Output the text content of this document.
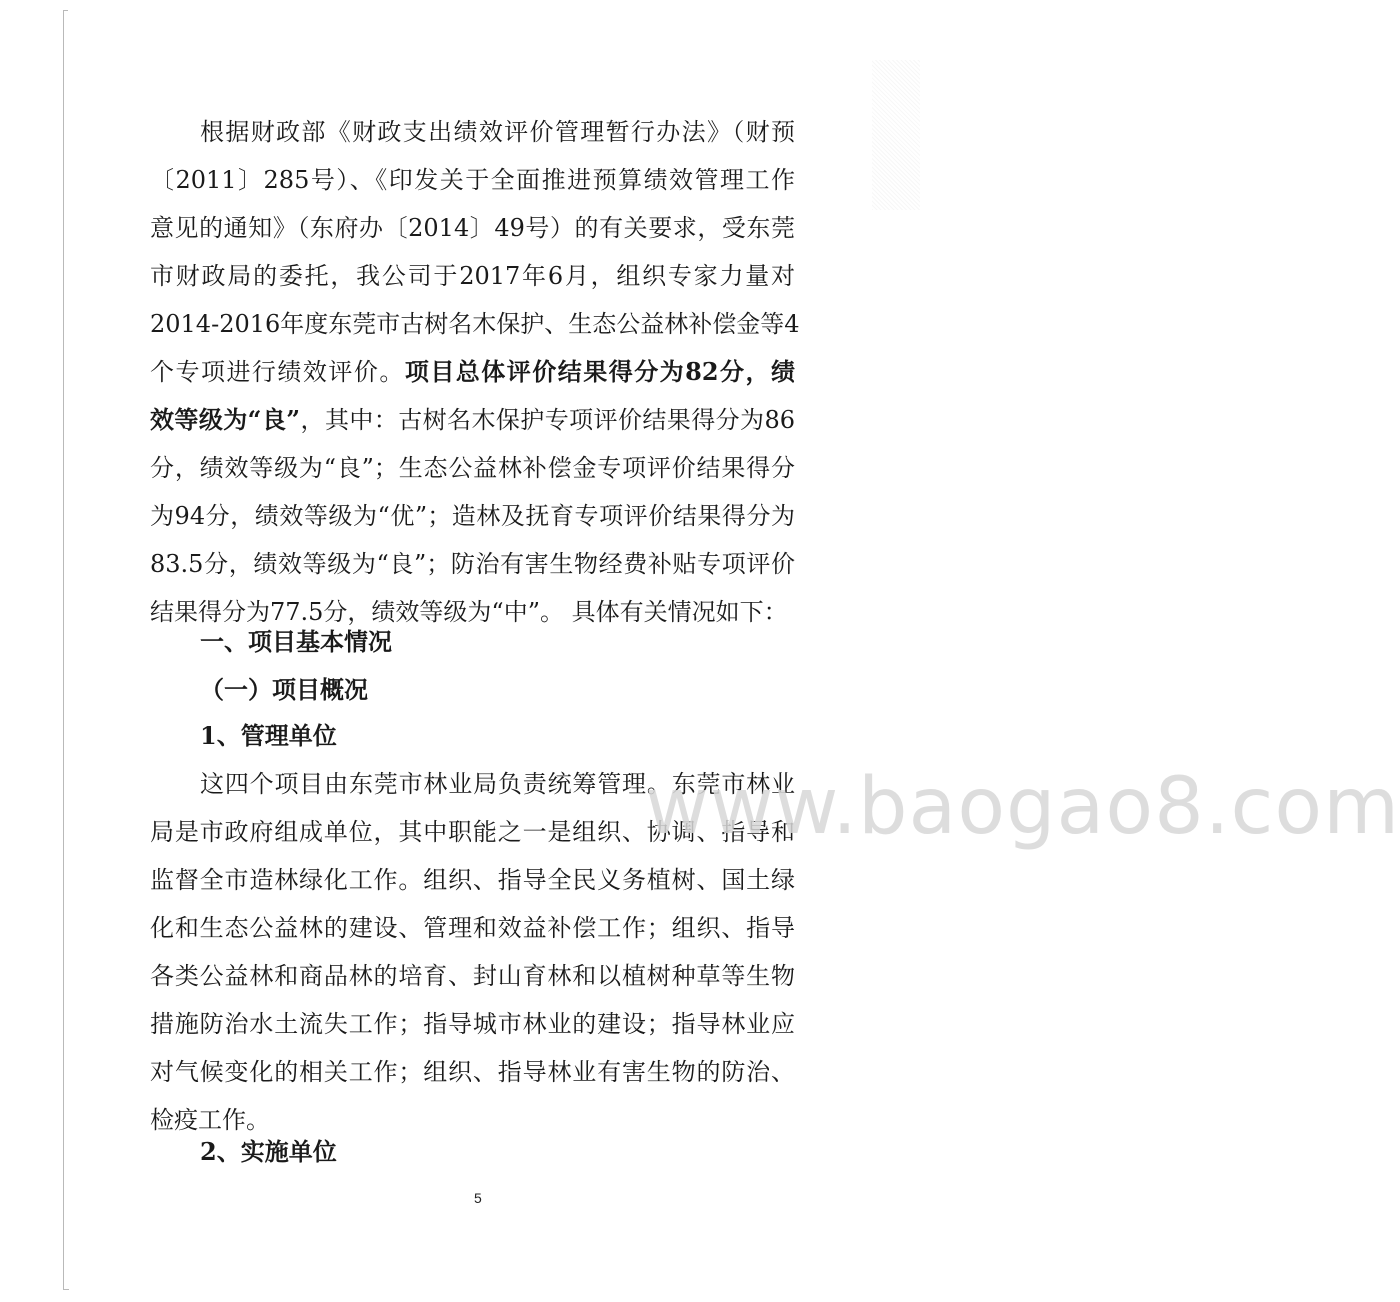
根据财政部《财政支出绩效评价管理暂行办法》（财预
〔2011〕285号）、《印发关于全面推进预算绩效管理工作
意见的通知》（东府办〔2014〕49号）的有关要求，受东莞
市财政局的委托，我公司于2017年6月，组织专家力量对
2014-2016年度东莞市古树名木保护、生态公益林补偿金等4
个专项进行绩效评价。项目总体评价结果得分为82分，绩
效等级为“良”，其中：古树名木保护专项评价结果得分为86
分，绩效等级为“良”；生态公益林补偿金专项评价结果得分
为94分，绩效等级为“优”；造林及抚育专项评价结果得分为
83.5分，绩效等级为“良”；防治有害生物经费补贴专项评价
结果得分为77.5分，绩效等级为“中”。 具体有关情况如下：
一、项目基本情况
（一）项目概况
1、管理单位
这四个项目由东莞市林业局负责统筹管理。东莞市林业
局是市政府组成单位，其中职能之一是组织、协调、指导和
监督全市造林绿化工作。组织、指导全民义务植树、国土绿
化和生态公益林的建设、管理和效益补偿工作；组织、指导
各类公益林和商品林的培育、封山育林和以植树种草等生物
措施防治水土流失工作；指导城市林业的建设；指导林业应
对气候变化的相关工作；组织、指导林业有害生物的防治、
检疫工作。
2、实施单位
www.baogao8.com
5
